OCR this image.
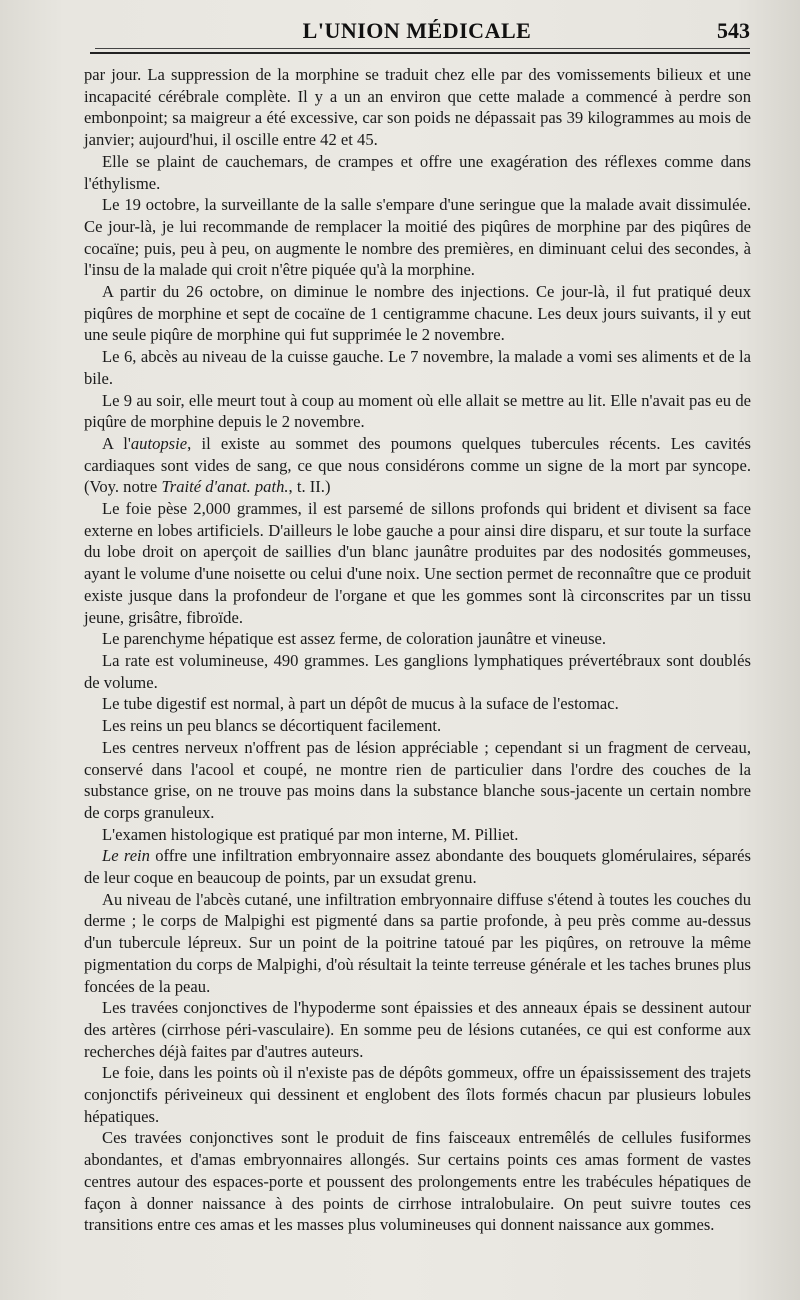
L'UNION MÉDICALE	543

par jour. La suppression de la morphine se traduit chez elle par des vomissements bilieux et une incapacité cérébrale complète. Il y a un an environ que cette malade a commencé à perdre son embonpoint; sa maigreur a été excessive, car son poids ne dépassait pas 39 kilogrammes au mois de janvier; aujourd'hui, il oscille entre 42 et 45.

Elle se plaint de cauchemars, de crampes et offre une exagération des réflexes comme dans l'éthylisme.

Le 19 octobre, la surveillante de la salle s'empare d'une seringue que la malade avait dissimulée. Ce jour-là, je lui recommande de remplacer la moitié des piqûres de morphine par des piqûres de cocaïne; puis, peu à peu, on augmente le nombre des premières, en diminuant celui des secondes, à l'insu de la malade qui croit n'être piquée qu'à la morphine.

A partir du 26 octobre, on diminue le nombre des injections. Ce jour-là, il fut pratiqué deux piqûres de morphine et sept de cocaïne de 1 centigramme chacune. Les deux jours suivants, il y eut une seule piqûre de morphine qui fut supprimée le 2 novembre.

Le 6, abcès au niveau de la cuisse gauche. Le 7 novembre, la malade a vomi ses aliments et de la bile.

Le 9 au soir, elle meurt tout à coup au moment où elle allait se mettre au lit. Elle n'avait pas eu de piqûre de morphine depuis le 2 novembre.

A l'autopsie, il existe au sommet des poumons quelques tubercules récents. Les cavités cardiaques sont vides de sang, ce que nous considérons comme un signe de la mort par syncope. (Voy. notre Traité d'anat. path., t. II.)

Le foie pèse 2,000 grammes, il est parsemé de sillons profonds qui brident et divisent sa face externe en lobes artificiels. D'ailleurs le lobe gauche a pour ainsi dire disparu, et sur toute la surface du lobe droit on aperçoit de saillies d'un blanc jaunâtre produites par des nodosités gommeuses, ayant le volume d'une noisette ou celui d'une noix. Une section permet de reconnaître que ce produit existe jusque dans la profondeur de l'organe et que les gommes sont là circonscrites par un tissu jeune, grisâtre, fibroïde.

Le parenchyme hépatique est assez ferme, de coloration jaunâtre et vineuse.

La rate est volumineuse, 490 grammes. Les ganglions lymphatiques prévertébraux sont doublés de volume.

Le tube digestif est normal, à part un dépôt de mucus à la suface de l'estomac.

Les reins un peu blancs se décortiquent facilement.

Les centres nerveux n'offrent pas de lésion appréciable ; cependant si un fragment de cerveau, conservé dans l'acool et coupé, ne montre rien de particulier dans l'ordre des couches de la substance grise, on ne trouve pas moins dans la substance blanche sous-jacente un certain nombre de corps granuleux.

L'examen histologique est pratiqué par mon interne, M. Pilliet.

Le rein offre une infiltration embryonnaire assez abondante des bouquets glomérulaires, séparés de leur coque en beaucoup de points, par un exsudat grenu.

Au niveau de l'abcès cutané, une infiltration embryonnaire diffuse s'étend à toutes les couches du derme ; le corps de Malpighi est pigmenté dans sa partie profonde, à peu près comme au-dessus d'un tubercule lépreux. Sur un point de la poitrine tatoué par les piqûres, on retrouve la même pigmentation du corps de Malpighi, d'où résultait la teinte terreuse générale et les taches brunes plus foncées de la peau.

Les travées conjonctives de l'hypoderme sont épaissies et des anneaux épais se dessinent autour des artères (cirrhose péri-vasculaire). En somme peu de lésions cutanées, ce qui est conforme aux recherches déjà faites par d'autres auteurs.

Le foie, dans les points où il n'existe pas de dépôts gommeux, offre un épaississement des trajets conjonctifs périveineux qui dessinent et englobent des îlots formés chacun par plusieurs lobules hépatiques.

Ces travées conjonctives sont le produit de fins faisceaux entremêlés de cellules fusiformes abondantes, et d'amas embryonnaires allongés. Sur certains points ces amas forment de vastes centres autour des espaces-porte et poussent des prolongements entre les trabécules hépatiques de façon à donner naissance à des points de cirrhose intralobulaire. On peut suivre toutes ces transitions entre ces amas et les masses plus volumineuses qui donnent naissance aux gommes.
